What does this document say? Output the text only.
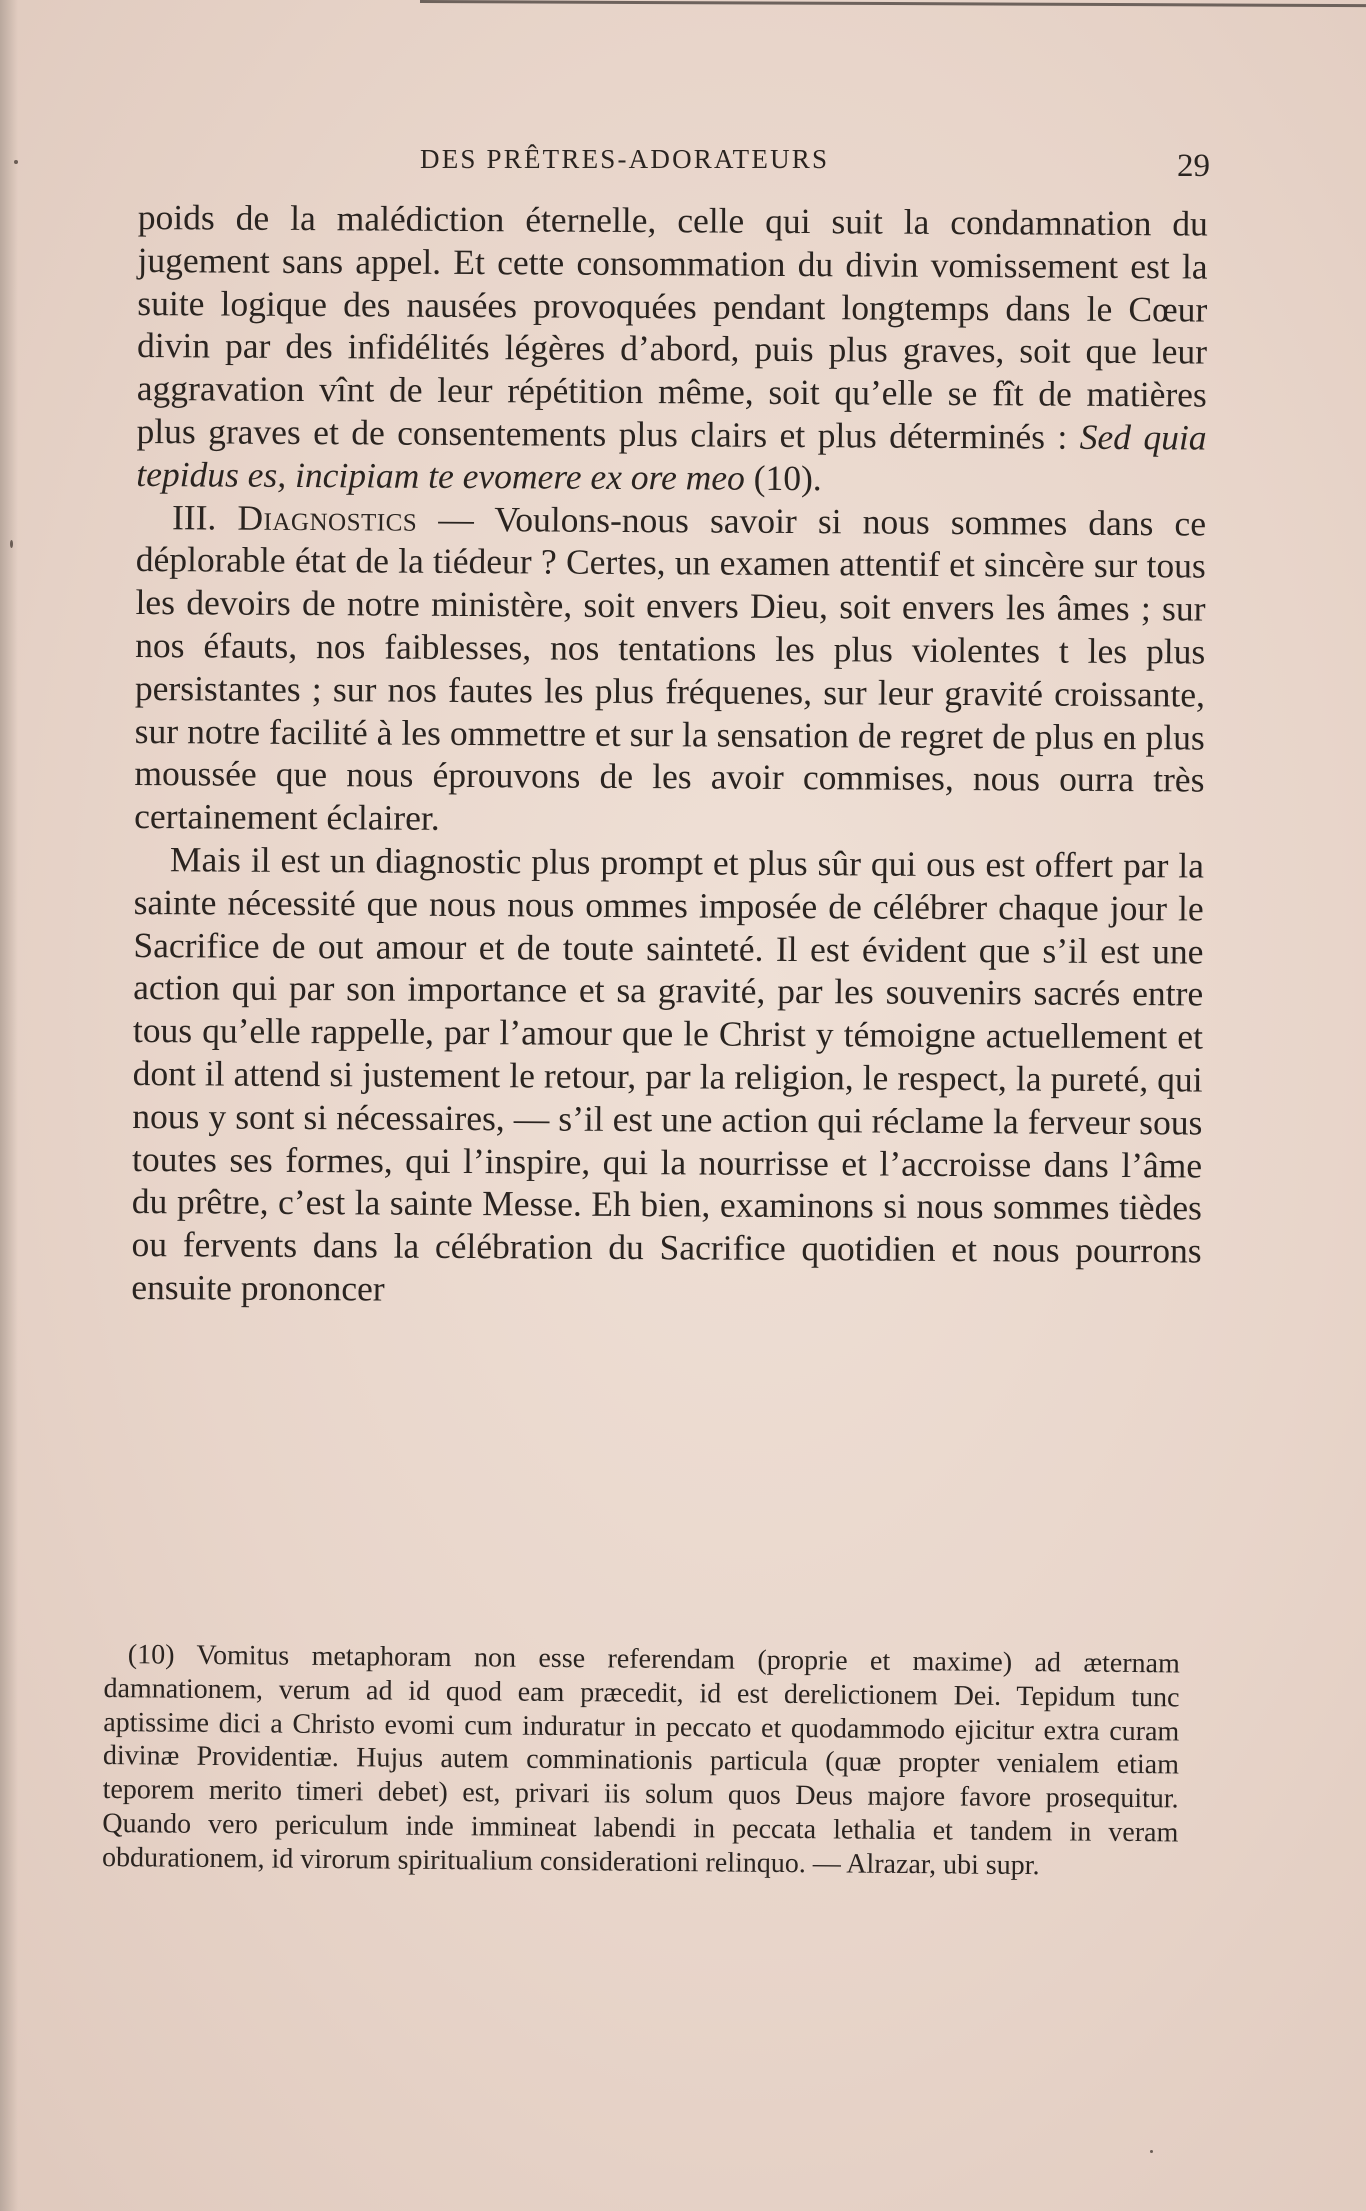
DES PRÊTRES-ADORATEURS	29

poids de la malédiction éternelle, celle qui suit la condamnation du jugement sans appel. Et cette consommation du divin vomissement est la suite logique des nausées provoquées pendant longtemps dans le Cœur divin par des infidélités légères d’abord, puis plus graves, soit que leur aggravation vînt de leur répétition même, soit qu’elle se fît de matières plus graves et de consentements plus clairs et plus déterminés : Sed quia tepidus es, incipiam te evomere ex ore meo (10).

III. Diagnostics — Voulons-nous savoir si nous sommes dans ce déplorable état de la tiédeur ? Certes, un examen attentif et sincère sur tous les devoirs de notre ministère, soit envers Dieu, soit envers les âmes ; sur nos éfauts, nos faiblesses, nos tentations les plus violentes t les plus persistantes ; sur nos fautes les plus fréquenes, sur leur gravité croissante, sur notre facilité à les ommettre et sur la sensation de regret de plus en plus moussée que nous éprouvons de les avoir commises, nous ourra très certainement éclairer.

Mais il est un diagnostic plus prompt et plus sûr qui ous est offert par la sainte nécessité que nous nous ommes imposée de célébrer chaque jour le Sacrifice de out amour et de toute sainteté. Il est évident que s’il est une action qui par son importance et sa gravité, par les souvenirs sacrés entre tous qu’elle rappelle, par l’amour que le Christ y témoigne actuellement et dont il attend si justement le retour, par la religion, le respect, la pureté, qui nous y sont si nécessaires, — s’il est une action qui réclame la ferveur sous toutes ses formes, qui l’inspire, qui la nourrisse et l’accroisse dans l’âme du prêtre, c’est la sainte Messe. Eh bien, examinons si nous sommes tièdes ou fervents dans la célébration du Sacrifice quotidien et nous pourrons ensuite prononcer

(10) Vomitus metaphoram non esse referendam (proprie et maxime) ad æternam damnationem, verum ad id quod eam præcedit, id est derelictionem Dei. Tepidum tunc aptissime dici a Christo evomi cum induratur in peccato et quodammodo ejicitur extra curam divinæ Providentiæ. Hujus autem comminationis particula (quæ propter venialem etiam teporem merito timeri debet) est, privari iis solum quos Deus majore favore prosequitur. Quando vero periculum inde immineat labendi in peccata lethalia et tandem in veram obdurationem, id virorum spiritualium considerationi relinquo. — Alrazar, ubi supr.
